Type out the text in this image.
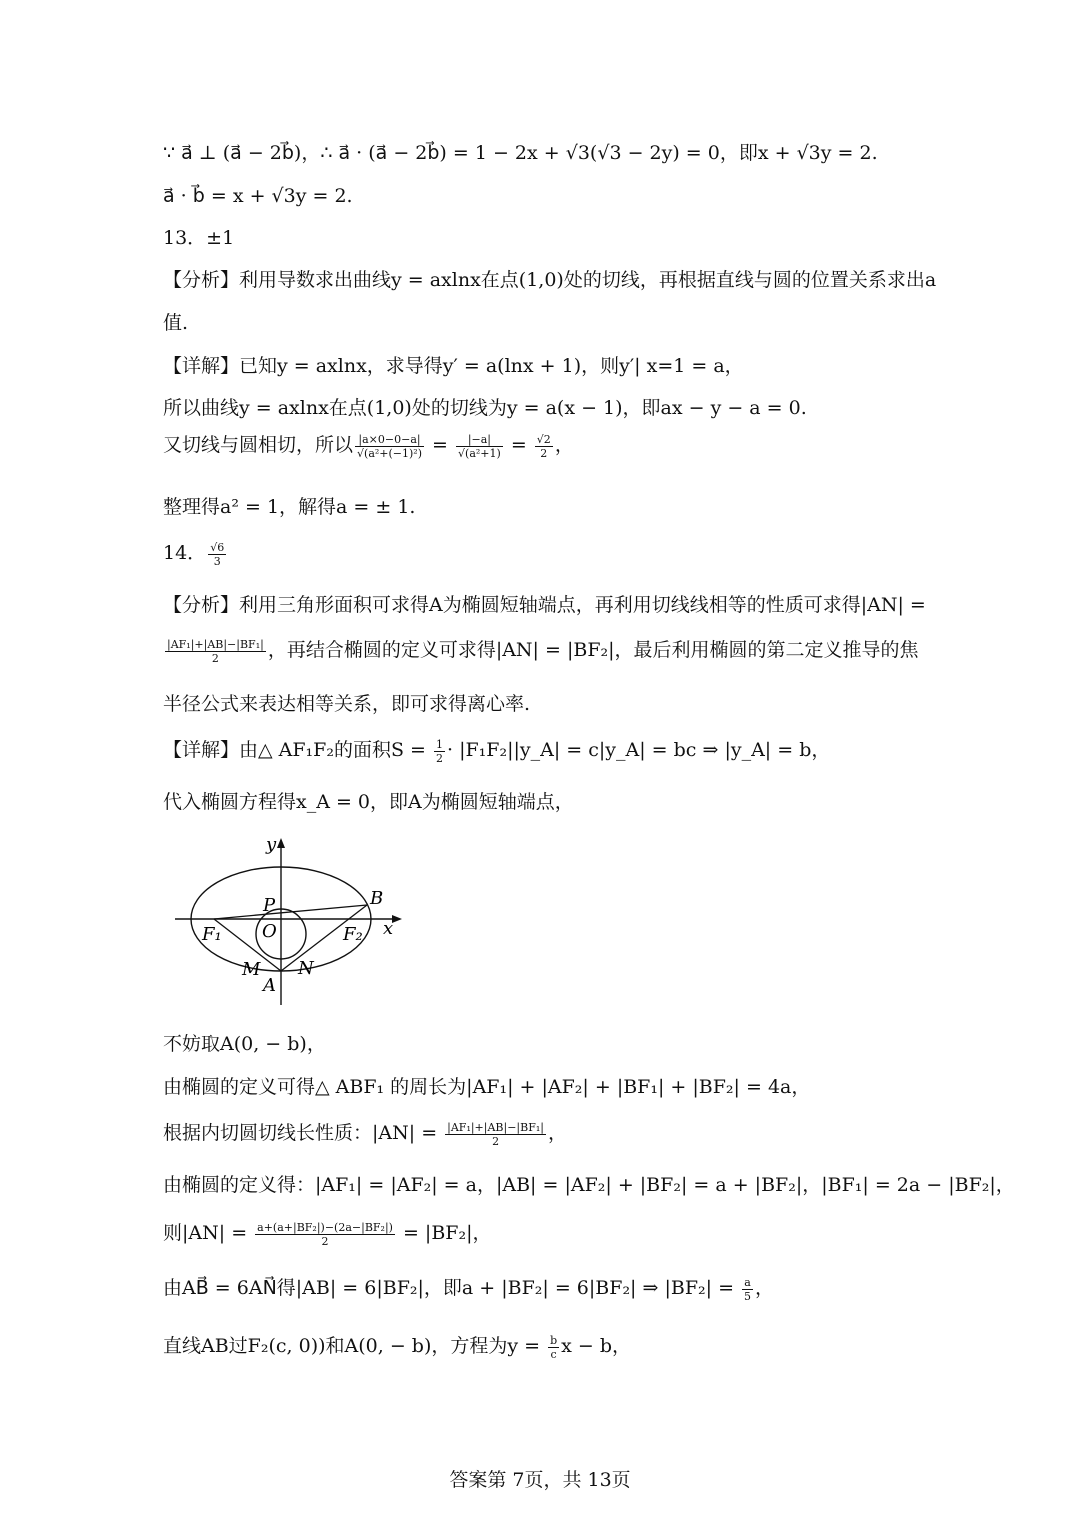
∵ a⃗ ⊥ (a⃗ − 2b⃗)，∴ a⃗ · (a⃗ − 2b⃗) = 1 − 2x + √3(√3 − 2y) = 0，即x + √3y = 2.
a⃗ · b⃗ = x + √3y = 2.
13．±1
【分析】利用导数求出曲线y = axlnx在点(1,0)处的切线，再根据直线与圆的位置关系求出a
值.
【详解】已知y = axlnx，求导得y′ = a(lnx + 1)，则y′| x=1 = a，
所以曲线y = axlnx在点(1,0)处的切线为y = a(x − 1)，即ax − y − a = 0.
又切线与圆相切，所以 $\frac{|a\times 0-0-a|}{\text{√(a²+(−1)²)}} = \frac{|-a|}{\text{√(a²+1)}} = \frac{√2}{2}$ ，
整理得a² = 1，解得a = ± 1.
14． $\frac{√6}{3}$
【分析】利用三角形面积可求得A为椭圆短轴端点，再利用切线线相等的性质可求得|AN| =
$\frac{\text{|AF₁|+|AB|−|BF₁|}}{2}$ ，再结合椭圆的定义可求得|AN| = |BF₂|，最后利用椭圆的第二定义推导的焦
半径公式来表达相等关系，即可求得离心率.
【详解】由△ AF₁F₂的面积$S = \frac{1}{2}$ · |F₁F₂||y_A| = c|y_A| = bc ⇒ |y_A| = b，
代入椭圆方程得x_A = 0，即A为椭圆短轴端点，
y
x
P	B
F₁ O	F₂
M N
A
不妨取A(0, − b)，
由椭圆的定义可得△ ABF₁ 的周长为|AF₁| + |AF₂| + |BF₁| + |BF₂| = 4a，
根据内切圆切线长性质：$|AN| = \frac{\text{|AF₁|+|AB|−|BF₁|}}{2}$ ，
由椭圆的定义得：|AF₁| = |AF₂| = a，|AB| = |AF₂| + |BF₂| = a + |BF₂|，|BF₁| = 2a − |BF₂|，
则$|AN| = \frac{\text{a+(a+|BF₂|)−(2a−|BF₂|)}}{2} = |BF_2|$，
由AB⃗ = 6AN⃗得|AB| = 6|BF₂|，即a + |BF₂| = 6|BF₂| ⇒ $|BF_2| = \frac{a}{5}$ ，
直线AB过F₂(c, 0))和A(0, − b)，方程为$y = \frac{b}{c}$ x − b，
答案第 7页，共 13页
